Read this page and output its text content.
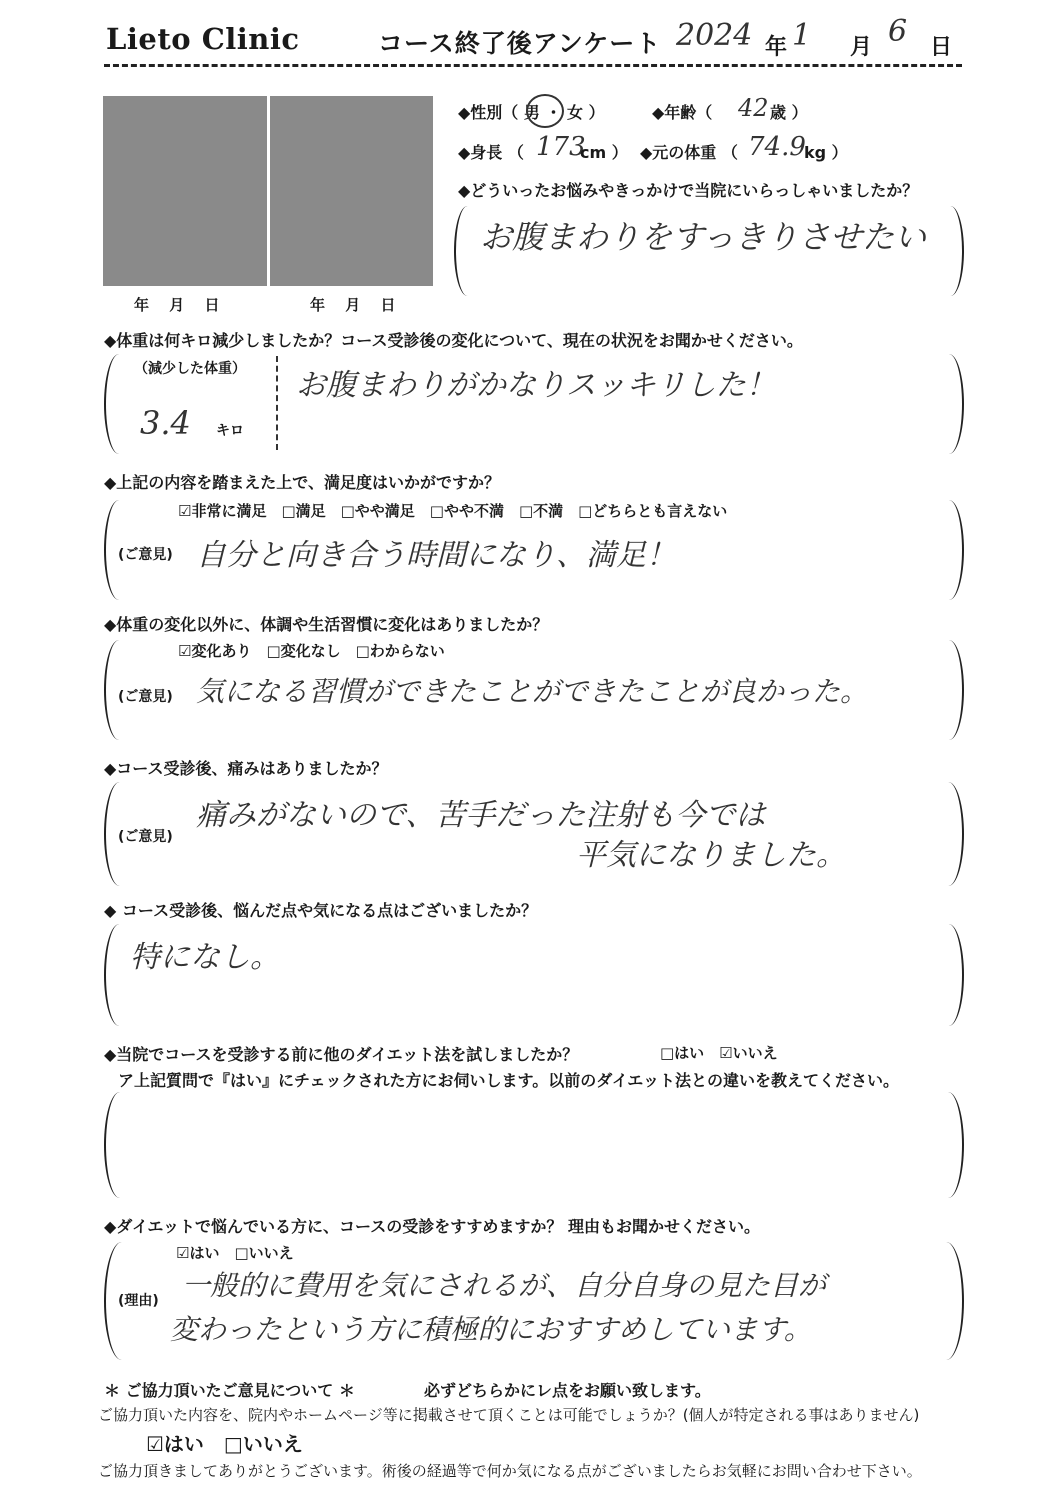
Lieto Clinic	コース終了後アンケート 2024 年 1 月 6 日
年　 月　 日	年　 月　 日
◆性別（ 男 ・ 女 ）	◆年齢（ 42 歳 ）
◆身長 （ 173
cm ） ◆元の体重 （ 74.9
kg ）
◆どういったお悩みやきっかけで当院にいらっしゃいましたか？
お腹まわりをすっきりさせたい
◆体重は何キロ減少しましたか？コース受診後の変化について、現在の状況をお聞かせください。
（減少した体重）
3.4 キロ
お腹まわりがかなりスッキリした！
◆上記の内容を踏まえた上で、満足度はいかがですか？
☑非常に満足　□満足　□やや満足　□やや不満　□不満　□どちらとも言えない
(ご意見) 自分と向き合う時間になり、満足！
◆体重の変化以外に、体調や生活習慣に変化はありましたか？
☑変化あり　□変化なし　□わからない
(ご意見) 気になる習慣ができたことができたことが良かった。
◆コース受診後、痛みはありましたか？
(ご意見)
痛みがないので、苦手だった注射も今では
平気になりました。
◆ コース受診後、悩んだ点や気になる点はございましたか？
特になし。
◆当院でコースを受診する前に他のダイエット法を試しましたか？	□はい　☑いいえ
ア上記質問で『はい』にチェックされた方にお伺いします。以前のダイエット法との違いを教えてください。
◆ダイエットで悩んでいる方に、コースの受診をすすめますか？ 理由もお聞かせください。
☑はい　□いいえ
(理由) 一般的に費用を気にされるが、自分自身の見た目が
変わったという方に積極的におすすめしています。
＊ ご協力頂いたご意見について ＊	必ずどちらかにレ点をお願い致します。
ご協力頂いた内容を、院内やホームページ等に掲載させて頂くことは可能でしょうか？(個人が特定される事はありません)
☑はい　□いいえ
ご協力頂きましてありがとうございます。術後の経過等で何か気になる点がございましたらお気軽にお問い合わせ下さい。
